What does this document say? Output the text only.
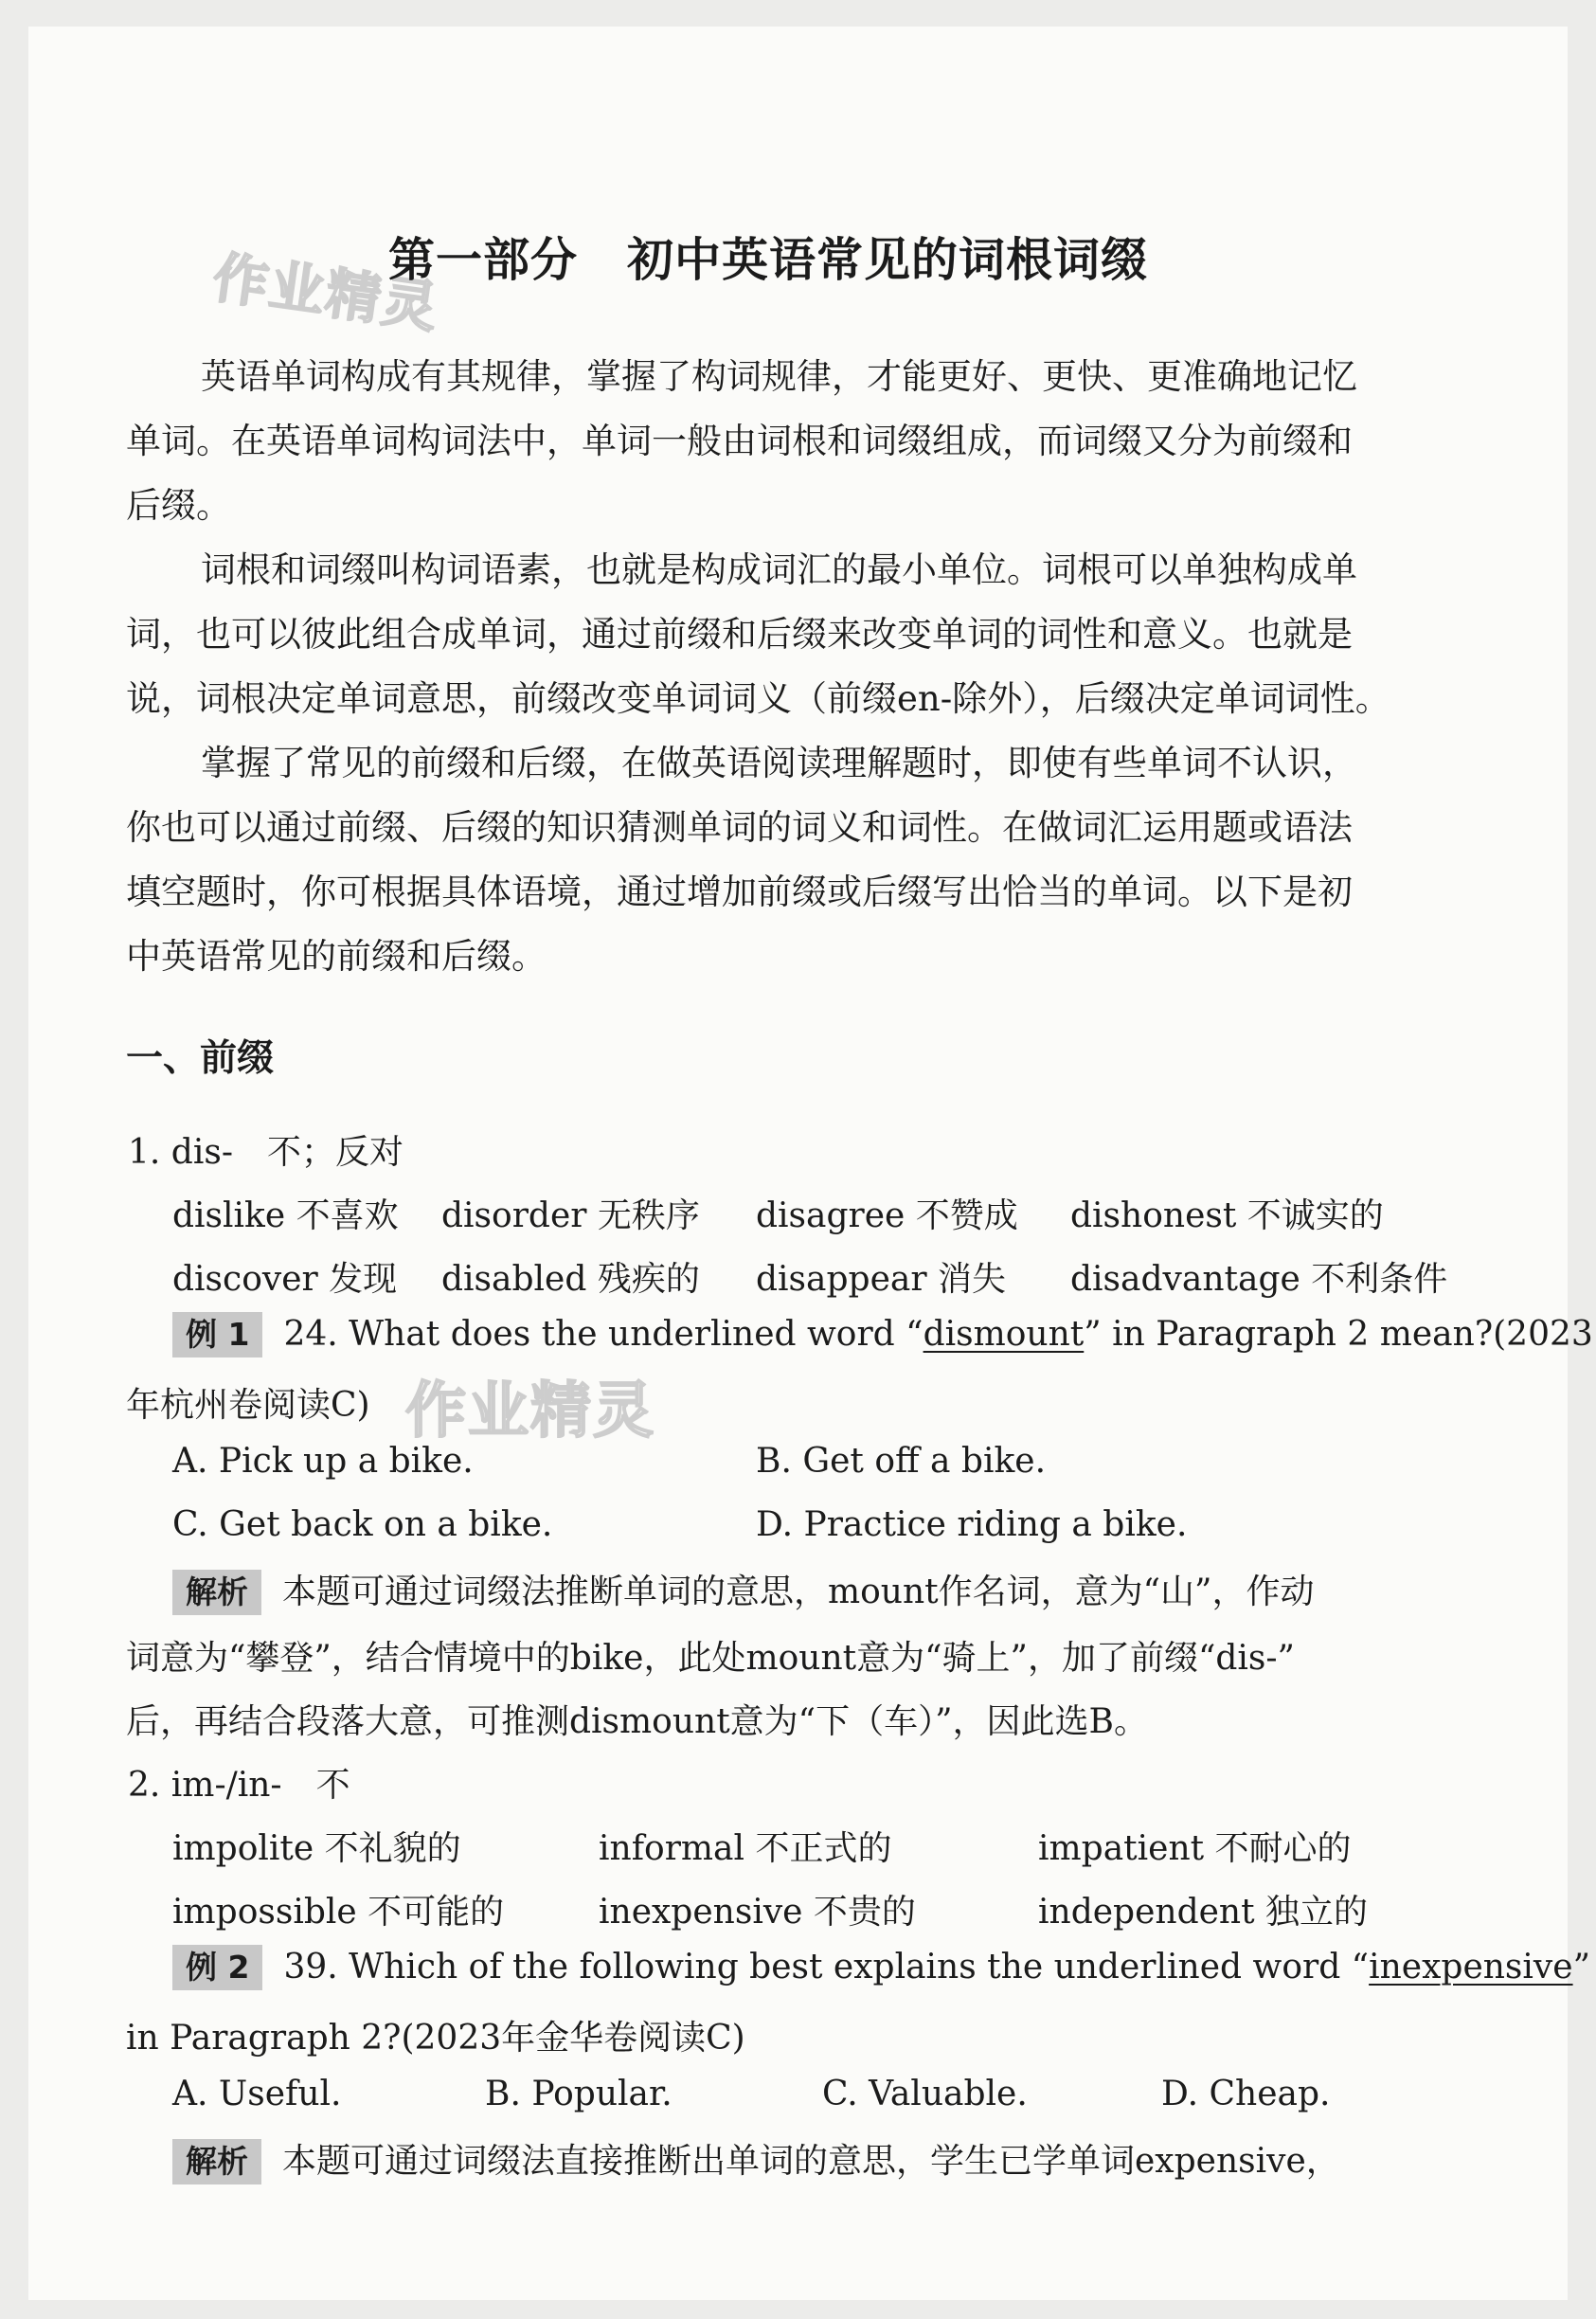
作业精灵
作业精灵
第一部分 初中英语常见的词根词缀
英语单词构成有其规律，掌握了构词规律，才能更好、更快、更准确地记忆
单词。在英语单词构词法中，单词一般由词根和词缀组成，而词缀又分为前缀和
后缀。
词根和词缀叫构词语素，也就是构成词汇的最小单位。词根可以单独构成单
词，也可以彼此组合成单词，通过前缀和后缀来改变单词的词性和意义。也就是
说，词根决定单词意思，前缀改变单词词义（前缀en-除外），后缀决定单词词性。
掌握了常见的前缀和后缀，在做英语阅读理解题时，即使有些单词不认识，
你也可以通过前缀、后缀的知识猜测单词的词义和词性。在做词汇运用题或语法
填空题时，你可根据具体语境，通过增加前缀或后缀写出恰当的单词。以下是初
中英语常见的前缀和后缀。
一、前缀
1. dis-　不；反对
dislike 不喜欢 disorder 无秩序 disagree 不赞成 dishonest 不诚实的
discover 发现 disabled 残疾的 disappear 消失 disadvantage 不利条件
例 1 24. What does the underlined word “dismount” in Paragraph 2 mean?(2023
年杭州卷阅读C)
A. Pick up a bike.	B. Get off a bike.
C. Get back on a bike.	D. Practice riding a bike.
解析 本题可通过词缀法推断单词的意思，mount作名词，意为“山”，作动
词意为“攀登”，结合情境中的bike，此处mount意为“骑上”，加了前缀“dis-”
后，再结合段落大意，可推测dismount意为“下（车）”，因此选B。
2. im-/in-　不
impolite 不礼貌的	informal 不正式的	impatient 不耐心的
impossible 不可能的	inexpensive 不贵的	independent 独立的
例 2 39. Which of the following best explains the underlined word “inexpensive”
in Paragraph 2?(2023年金华卷阅读C)
A. Useful.	B. Popular.	C. Valuable.	D. Cheap.
解析 本题可通过词缀法直接推断出单词的意思，学生已学单词expensive，
